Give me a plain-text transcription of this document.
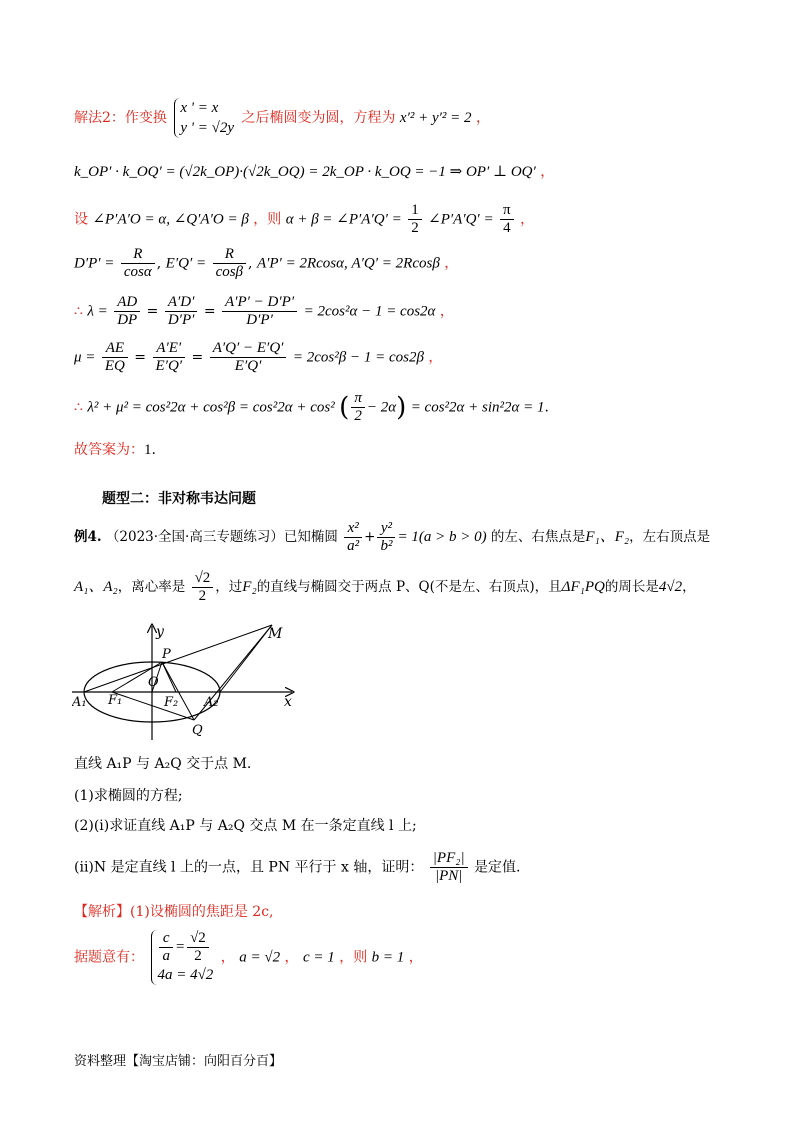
解法2：作变换
x ' = x
y ' = √2y
之后椭圆变为圆，方程为 x′² + y′² = 2 ，
k_OP′ · k_OQ′ = (√2k_OP)·(√2k_OQ) = 2k_OP · k_OQ = −1 ⇒ OP′ ⊥ OQ′ ，
设 ∠P′A′O = α, ∠Q′A′O = β ，则 α + β = ∠P′A′Q′ = $\frac{1}{2}$ ∠P′A′Q′ = $\frac{\pi}{4}$ ，
$D'P' = \frac{R}{\cos\alpha}$ , $E'Q' = \frac{R}{\cos\beta}$ , A′P′ = 2Rcosα, A′Q′ = 2Rcosβ ，
∴ $\lambda = \frac{AD}{DP} = \frac{A'D'}{D'P'} = \frac{A'P' - D'P'}{D'P'} = 2\cos^2\alpha - 1 = \cos 2\alpha$ ，
$\mu = \frac{AE}{EQ} = \frac{A'E'}{E'Q'} = \frac{A'Q' - E'Q'}{E'Q'} = 2\cos^2\beta - 1 = \cos 2\beta$ ，
∴ λ² + μ² = cos²2α + cos²β = cos²2α + cos² ( $\frac{\pi}{2} - 2\alpha) = \cos^22\alpha + \sin^22\alpha = 1$.
故答案为：1.
题型二：非对称韦达问题
例4. （2023·全国·高三专题练习）已知椭圆 $\frac{\text{x²}}{\text{a²}} + \frac{\text{y²}}{\text{b²}} = 1(a > b > 0)$ 的左、右焦点是F₁、F₂，左右顶点是
A₁、A₂，离心率是 $\frac{√2}{2}$ ，过F₂的直线与椭圆交于两点 P、Q(不是左、右顶点)，且ΔF₁PQ的周长是4√2，
y
x
O
P
M
Q
A₁	A₂
F₁	F₂
直线 A₁P 与 A₂Q 交于点 M.
(1)求椭圆的方程;
(2)(i)求证直线 A₁P 与 A₂Q 交点 M 在一条定直线 l 上;
(ii)N 是定直线 l 上的一点，且 PN 平行于 x 轴，证明： $\frac{\text{|PF₂|}}{|PN|}$ 是定值.
【解析】(1)设椭圆的焦距是 2c,
据题意有： $\frac{c}{a} = \frac{√2}{2}$
4a = 4√2
， a = √2 ， c = 1 ，则 b = 1 ，
资料整理【淘宝店铺：向阳百分百】
